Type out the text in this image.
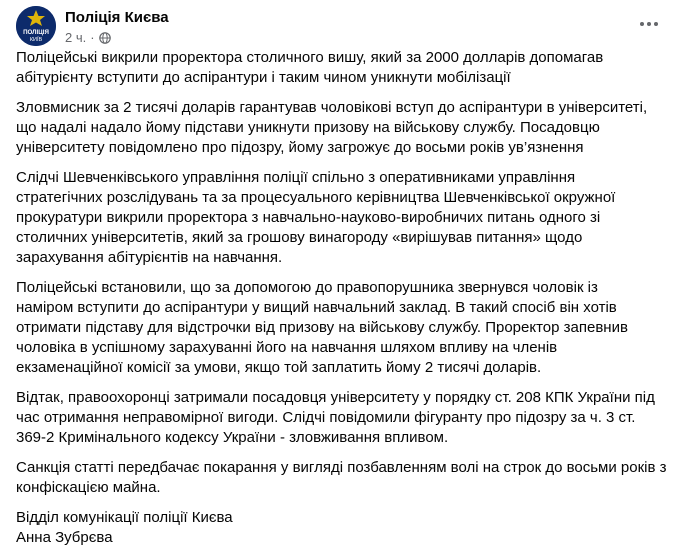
ПОЛІЦІЯ
КИЇВ
Поліція Києва
2 ч. ·

Поліцейські викрили проректора столичного вишу, який за 2000 долларів допомагав
абітурієнту вступити до аспірантури і таким чином уникнути мобілізації

Зловмисник за 2 тисячі доларів гарантував чоловікові вступ до аспірантури в університеті,
що надалі надало йому підстави уникнути призову на військову службу. Посадовцю
університету повідомлено про підозру, йому загрожує до восьми років ув’язнення

Слідчі Шевченківського управління поліції спільно з оперативниками управління
стратегічних розслідувань та за процесуального керівництва Шевченківської окружної
прокуратури викрили проректора з навчально-науково-виробничих питань одного зі
столичних університетів, який за грошову винагороду «вирішував питання» щодо
зарахування абітурієнтів на навчання.

Поліцейські встановили, що за допомогою до правопорушника звернувся чоловік із
наміром вступити до аспірантури у вищий навчальний заклад. В такий спосіб він хотів
отримати підставу для відстрочки від призову на військову службу. Проректор запевнив
чоловіка в успішному зарахуванні його на навчання шляхом впливу на членів
екзаменаційної комісії за умови, якщо той заплатить йому 2 тисячі доларів.

Відтак, правоохоронці затримали посадовця університету у порядку ст. 208 КПК України під
час отримання неправомірної вигоди. Слідчі повідомили фігуранту про підозру за ч. 3 ст.
369-2 Кримінального кодексу України - зловживання впливом.

Санкція статті передбачає покарання у вигляді позбавленням волі на строк до восьми років з
конфіскацією майна.

Відділ комунікації поліції Києва
Анна Зубрєва
